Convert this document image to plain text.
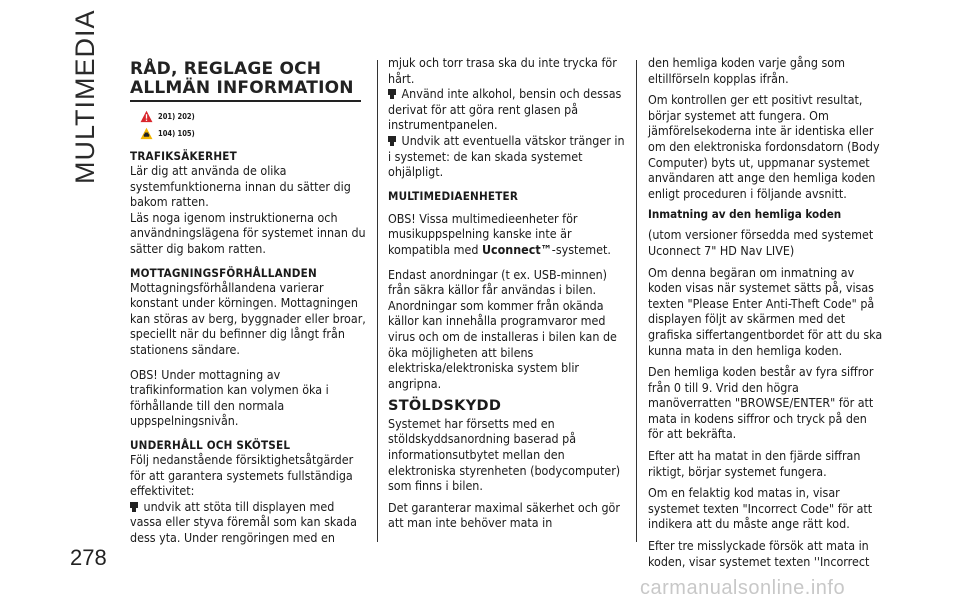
MULTIMEDIA RÅD, REGLAGE OCH
ALLMÄN INFORMATION
201) 202)
104) 105)
TRAFIKSÄKERHET

Lär dig att använda de olika systemfunktionerna innan du sätter dig bakom ratten.

Läs noga igenom instruktionerna och användningslägena för systemet innan du sätter dig bakom ratten.

MOTTAGNINGSFÖRHÅLLANDEN

Mottagningsförhållandena varierar konstant under körningen. Mottagningen kan störas av berg, byggnader eller broar, speciellt när du befinner dig långt från stationens sändare.

OBS! Under mottagning av trafikinformation kan volymen öka i förhållande till den normala uppspelningsnivån.

UNDERHÅLL OCH SKÖTSEL

Följ nedanstående försiktighetsåtgärder för att garantera systemets fullständiga effektivitet:

undvik att stöta till displayen med vassa eller styva föremål som kan skada dess yta. Under rengöringen med en

mjuk och torr trasa ska du inte trycka för hårt.

Använd inte alkohol, bensin och dessas derivat för att göra rent glasen på instrumentpanelen.

Undvik att eventuella vätskor tränger in i systemet: de kan skada systemet ohjälpligt.

MULTIMEDIAENHETER

OBS! Vissa multimedieenheter för musikuppspelning kanske inte är kompatibla med Uconnect™-systemet.

Endast anordningar (t ex. USB-minnen) från säkra källor får användas i bilen. Anordningar som kommer från okända källor kan innehålla programvaror med virus och om de installeras i bilen kan de öka möjligheten att bilens elektriska/elektroniska system blir angripna.

STÖLDSKYDD

Systemet har försetts med en stöldskyddsanordning baserad på informationsutbytet mellan den elektroniska styrenheten (bodycomputer) som finns i bilen.

Det garanterar maximal säkerhet och gör att man inte behöver mata in

den hemliga koden varje gång som eltillförseln kopplas ifrån.

Om kontrollen ger ett positivt resultat, börjar systemet att fungera. Om jämförelsekoderna inte är identiska eller om den elektroniska fordonsdatorn (Body Computer) byts ut, uppmanar systemet användaren att ange den hemliga koden enligt proceduren i följande avsnitt.

Inmatning av den hemliga koden

(utom versioner försedda med systemet Uconnect 7" HD Nav LIVE)

Om denna begäran om inmatning av koden visas när systemet sätts på, visas texten "Please Enter Anti-Theft Code" på displayen följt av skärmen med det grafiska siffertangentbordet för att du ska kunna mata in den hemliga koden.

Den hemliga koden består av fyra siffror från 0 till 9. Vrid den högra manöverratten "BROWSE/ENTER" för att mata in kodens siffror och tryck på den för att bekräfta.

Efter att ha matat in den fjärde siffran riktigt, börjar systemet fungera.

Om en felaktig kod matas in, visar systemet texten "Incorrect Code" för att indikera att du måste ange rätt kod.

Efter tre misslyckade försök att mata in koden, visar systemet texten ''Incorrect

278
carmanualsonline.info
